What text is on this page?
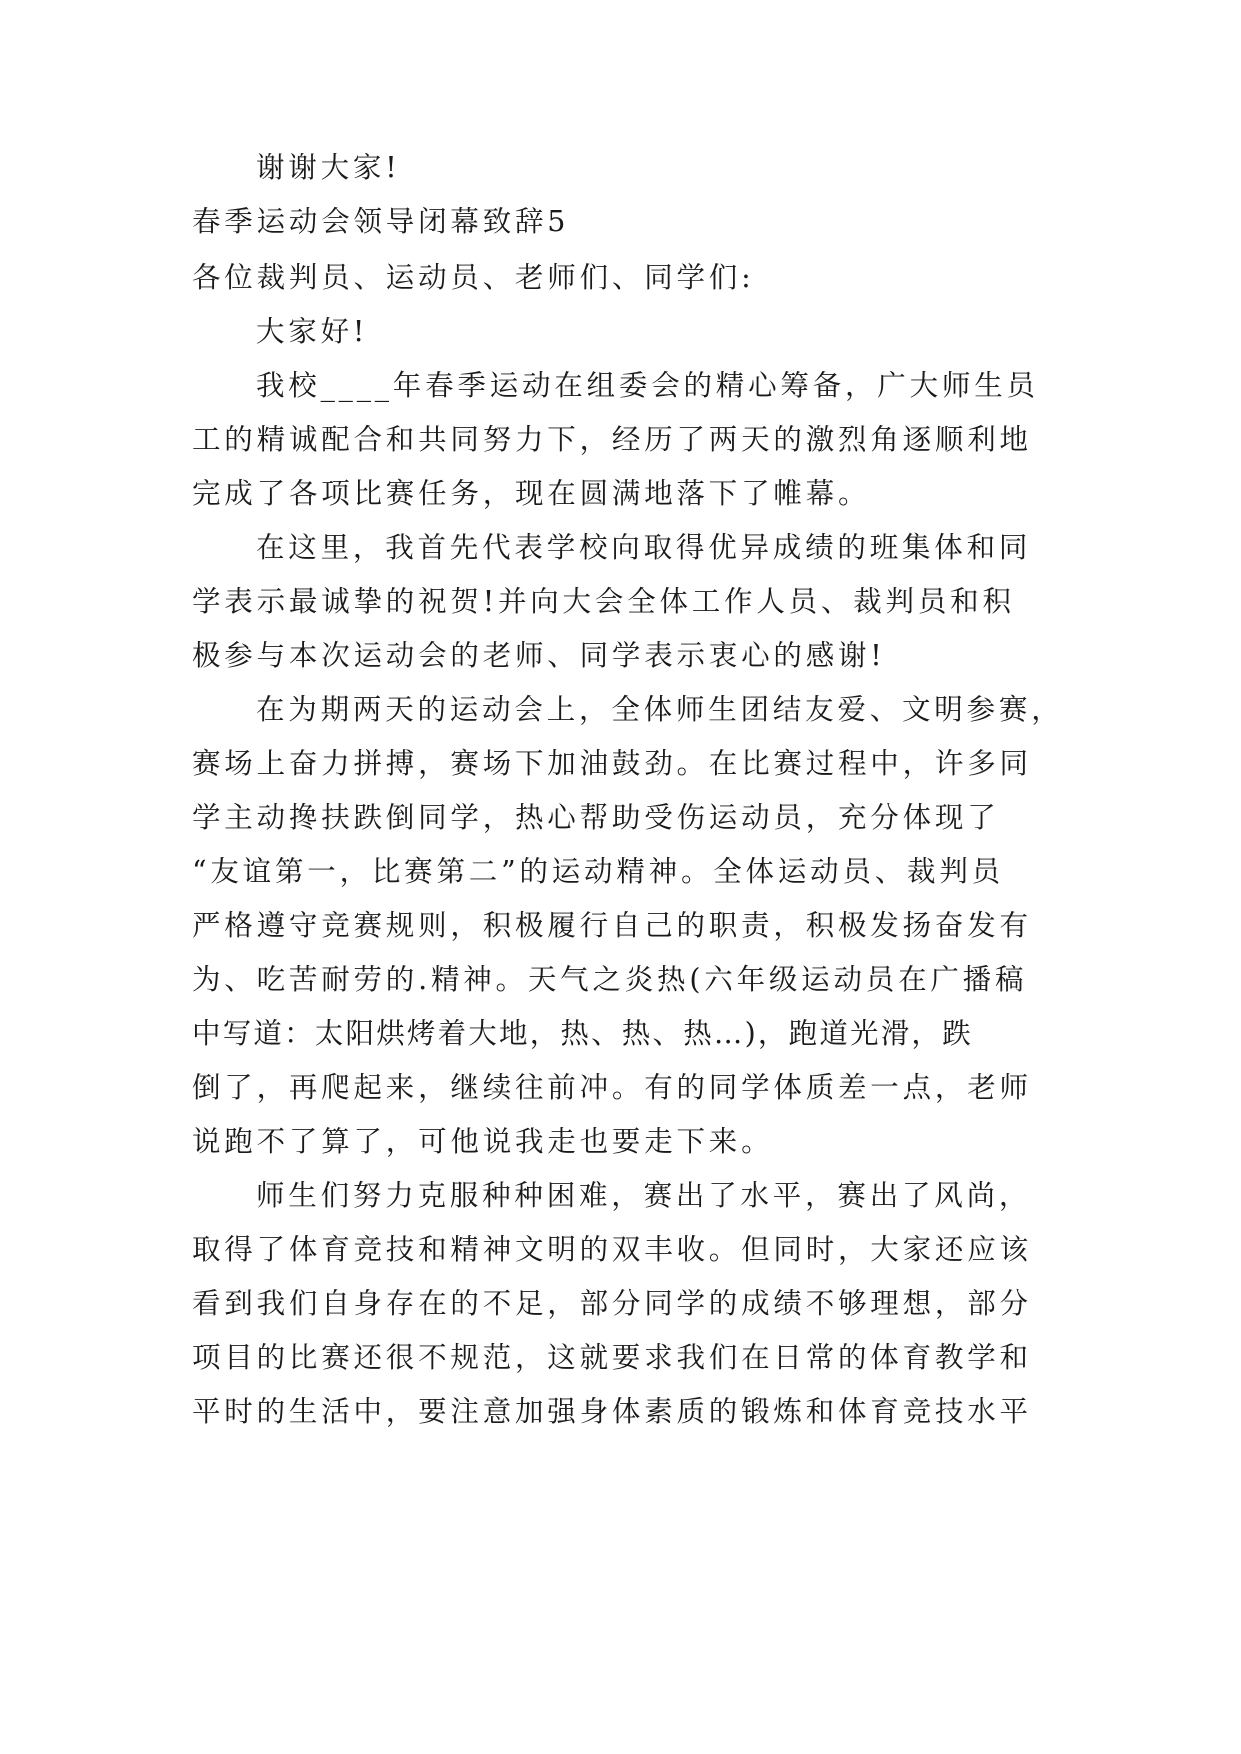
谢谢大家!
春季运动会领导闭幕致辞5
各位裁判员、运动员、老师们、同学们:
大家好!
我校____年春季运动在组委会的精心筹备，广大师生员
工的精诚配合和共同努力下，经历了两天的激烈角逐顺利地
完成了各项比赛任务，现在圆满地落下了帷幕。
在这里，我首先代表学校向取得优异成绩的班集体和同
学表示最诚挚的祝贺!并向大会全体工作人员、裁判员和积
极参与本次运动会的老师、同学表示衷心的感谢!
在为期两天的运动会上，全体师生团结友爱、文明参赛，
赛场上奋力拼搏，赛场下加油鼓劲。在比赛过程中，许多同
学主动搀扶跌倒同学，热心帮助受伤运动员，充分体现了
“友谊第一，比赛第二”的运动精神。全体运动员、裁判员
严格遵守竞赛规则，积极履行自己的职责，积极发扬奋发有
为、吃苦耐劳的.精神。天气之炎热(六年级运动员在广播稿
中写道：太阳烘烤着大地，热、热、热…)，跑道光滑，跌
倒了，再爬起来，继续往前冲。有的同学体质差一点，老师
说跑不了算了，可他说我走也要走下来。
师生们努力克服种种困难，赛出了水平，赛出了风尚，
取得了体育竞技和精神文明的双丰收。但同时，大家还应该
看到我们自身存在的不足，部分同学的成绩不够理想，部分
项目的比赛还很不规范，这就要求我们在日常的体育教学和
平时的生活中，要注意加强身体素质的锻炼和体育竞技水平
